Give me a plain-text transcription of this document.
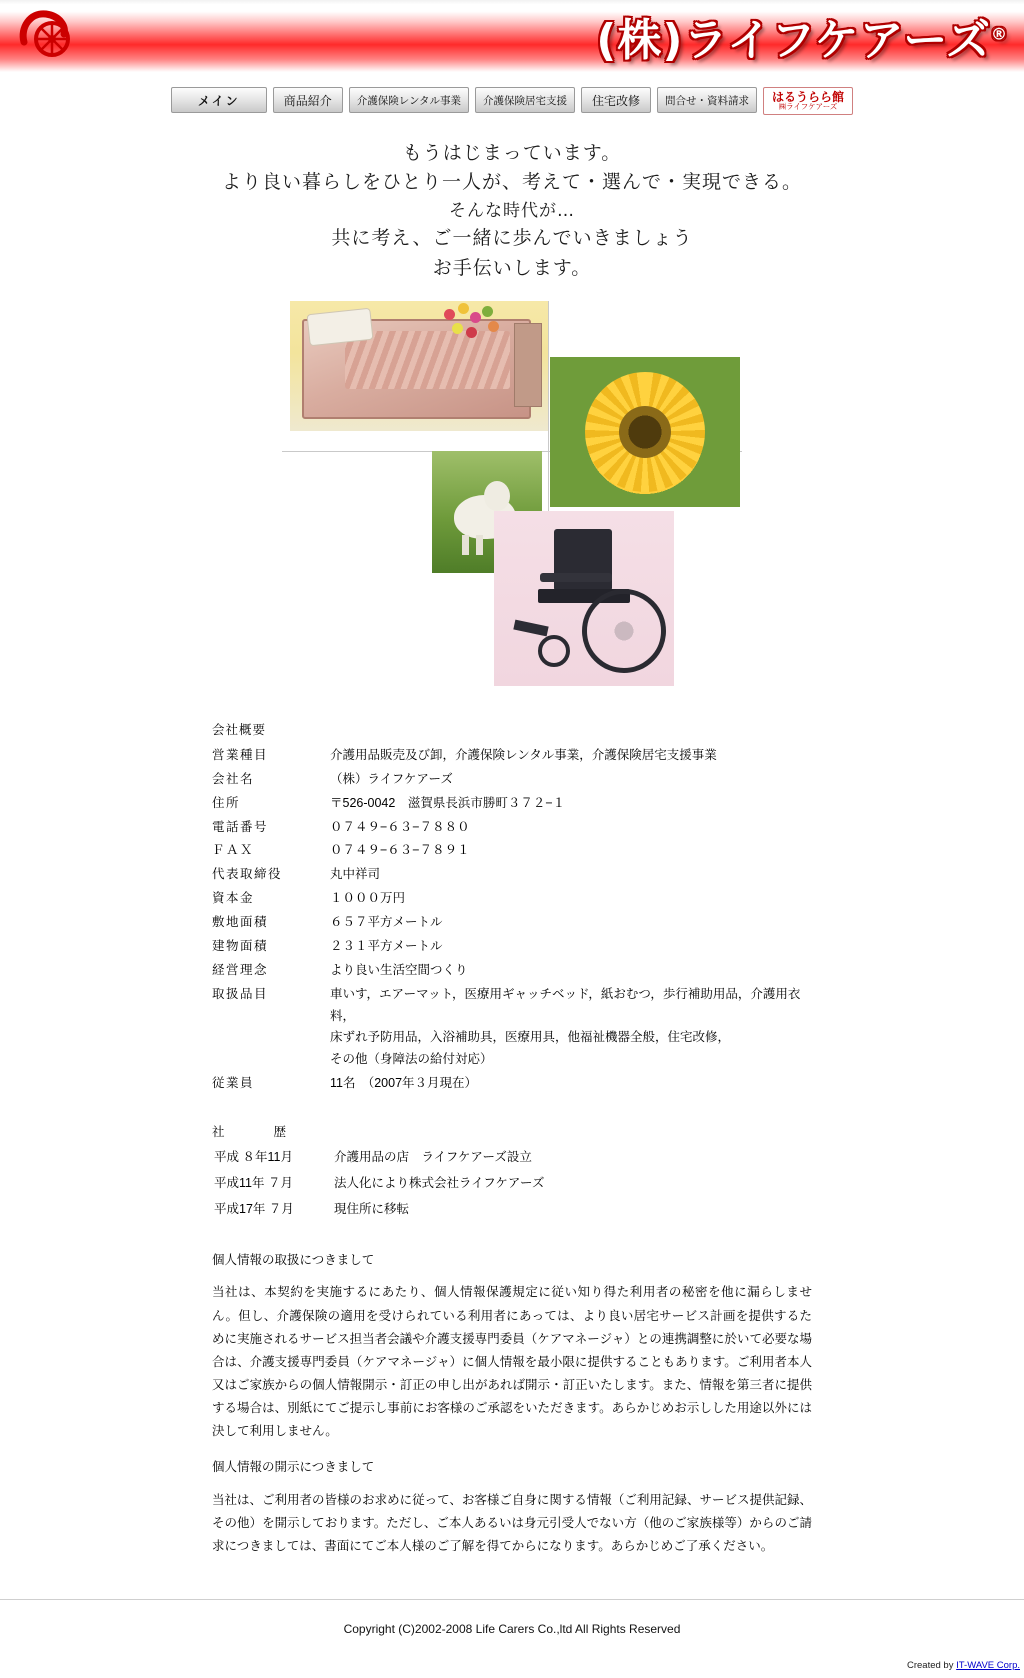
(株)ライフケアーズ®
メイン	商品紹介	介護保険レンタル事業	介護保険居宅支援	住宅改修	問合せ・資料請求	はるうらら館
㈱ライフケアーズ
もうはじまっています。
より良い暮らしをひとり一人が、考えて・選んで・実現できる。
そんな時代が…
共に考え、ご一緒に歩んでいきましょう
お手伝いします。
会社概要
営業種目	介護用品販売及び卸，介護保険レンタル事業，介護保険居宅支援事業
会社名	（株）ライフケアーズ
住所	〒526-0042　滋賀県長浜市勝町３７２−１
電話番号	０７４９−６３−７８８０
ＦＡＸ	０７４９−６３−７８９１
代表取締役	丸中祥司
資本金	１０００万円
敷地面積	６５７平方メートル
建物面積	２３１平方メートル
経営理念	より良い生活空間つくり
取扱品目	車いす，エアーマット，医療用ギャッチベッド，紙おむつ，歩行補助用品，介護用衣料，
床ずれ予防用品，入浴補助具，医療用具，他福祉機器全般，住宅改修，
その他（身障法の給付対応）
従業員	11名　（2007年３月現在）
社　　歴
平成 ８年11月	介護用品の店　ライフケアーズ設立
平成11年 ７月	法人化により株式会社ライフケアーズ
平成17年 ７月	現住所に移転
個人情報の取扱につきまして
当社は、本契約を実施するにあたり、個人情報保護規定に従い知り得た利用者の秘密を他に漏らしません。但し、介護保険の適用を受けられている利用者にあっては、より良い居宅サービス計画を提供するために実施されるサービス担当者会議や介護支援専門委員（ケアマネージャ）との連携調整に於いて必要な場合は、介護支援専門委員（ケアマネージャ）に個人情報を最小限に提供することもあります。ご利用者本人又はご家族からの個人情報開示・訂正の申し出があれば開示・訂正いたします。また、情報を第三者に提供する場合は、別紙にてご提示し事前にお客様のご承認をいただきます。あらかじめお示しした用途以外には決して利用しません。
個人情報の開示につきまして
当社は、ご利用者の皆様のお求めに従って、お客様ご自身に関する情報（ご利用記録、サービス提供記録、その他）を開示しております。ただし、ご本人あるいは身元引受人でない方（他のご家族様等）からのご請求につきましては、書面にてご本人様のご了解を得てからになります。あらかじめご了承ください。
Copyright (C)2002-2008 Life Carers Co.,ltd All Rights Reserved
Created by IT-WAVE Corp.
